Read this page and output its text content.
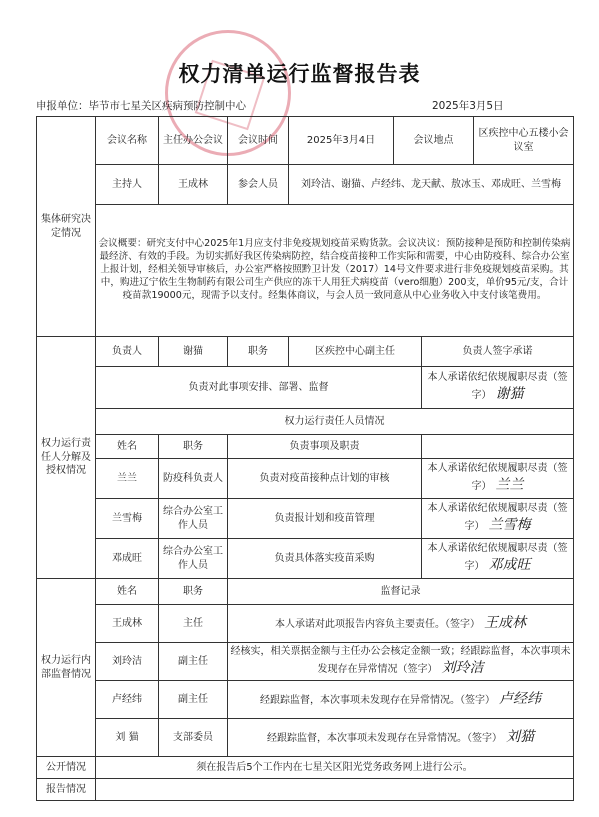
权力清单运行监督报告表
申报单位：毕节市七星关区疾病预防控制中心	2025年3月5日
集体研究决定情况	会议名称	主任办公会议	会议时间	2025年3月4日	会议地点		区疾控中心五楼小会议室
	主持人	王成林	参会人员	刘玲洁、谢猫、卢经纬、龙天献、敖冰玉、邓成旺、兰雪梅			
	会议概要：研究支付中心2025年1月应支付非免疫规划疫苗采购货款。会议决议：预防接种是预防和控制传染病最经济、有效的手段。为切实抓好我区传染病防控，结合疫苗接种工作实际和需要，中心由防疫科、综合办公室上报计划，经相关领导审核后，办公室严格按照黔卫计发（2017）14号文件要求进行非免疫规划疫苗采购。其中，购进辽宁依生生物制药有限公司生产供应的冻干人用狂犬病疫苗（vero细胞）200支，单价95元/支，合计疫苗款19000元，现需予以支付。经集体商议，与会人员一致同意从中心业务收入中支付该笔费用。						
权力运行责任人分解及授权情况	负责人	谢猫	职务	区疾控中心副主任		负责人签字承诺	
	负责对此事项安排、部署、监督					本人承诺依纪依规履职尽责（签字） 谢猫	
	权力运行责任人员情况						
	姓名	职务	负责事项及职责				
	兰兰	防疫科负责人	负责对疫苗接种点计划的审核			本人承诺依纪依规履职尽责（签字） 兰兰	
	兰雪梅	综合办公室工作人员	负责报计划和疫苗管理			本人承诺依纪依规履职尽责（签字） 兰雪梅	
	邓成旺	综合办公室工作人员	负责具体落实疫苗采购			本人承诺依纪依规履职尽责（签字） 邓成旺	
权力运行内部监督情况	姓名	职务	监督记录				
	王成林	主任	本人承诺对此项报告内容负主要责任。（签字） 王成林				
	刘玲洁	副主任	经核实，相关票据金额与主任办公会核定金额一致；经跟踪监督，本次事项未发现存在异常情况（签字） 刘玲洁				
	卢经纬	副主任	经跟踪监督，本次事项未发现存在异常情况。（签字） 卢经纬				
	刘 猫	支部委员	经跟踪监督，本次事项未发现存在异常情况。（签字） 刘猫				
公开情况	须在报告后5个工作内在七星关区阳光党务政务网上进行公示。						
报告情况							
